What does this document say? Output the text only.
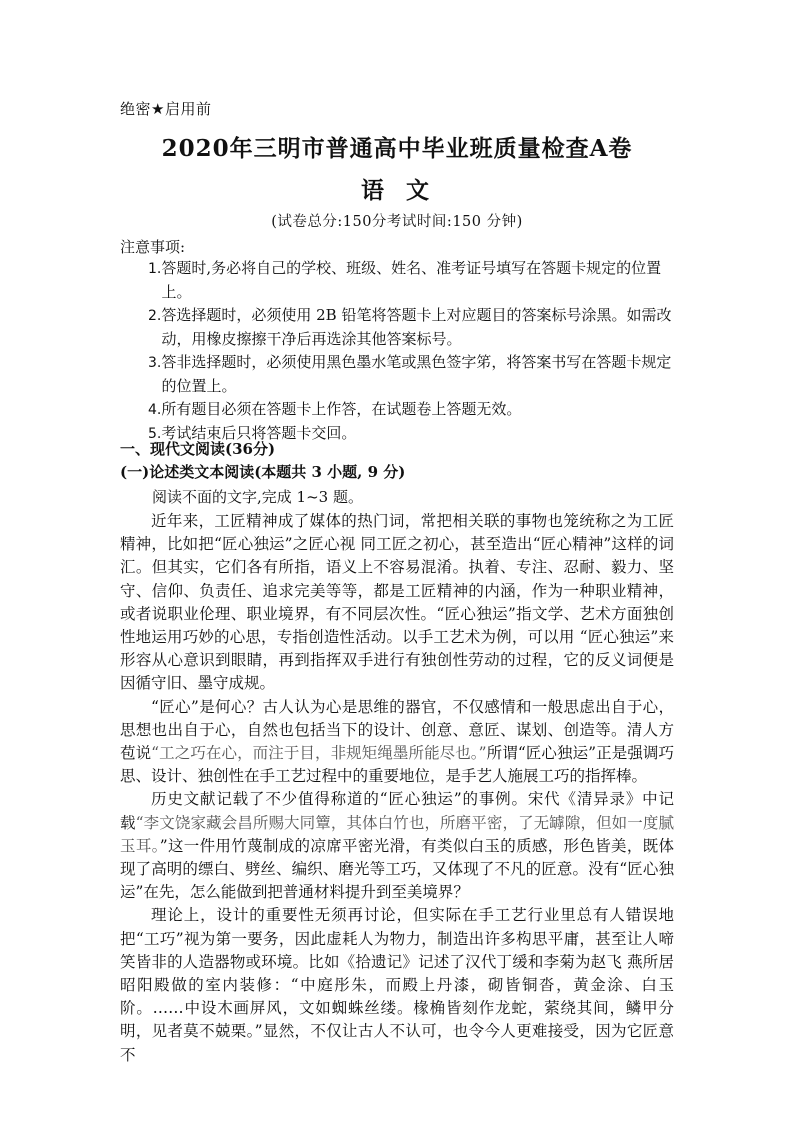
绝密★启用前
2020年三明市普通高中毕业班质量检查A卷
语文
(试卷总分:150分考试时间:150 分钟)
注意事项:
1.答题时,务必将自己的学校、班级、姓名、准考证号填写在答题卡规定的位置上。
2.答选择题时，必须使用 2B 铅笔将答题卡上对应题目的答案标号涂黑。如需改动，用橡皮擦擦干净后再选涂其他答案标号。
3.答非选择题时，必须使用黑色墨水笔或黑色签字笫，将答案书写在答题卡规定的位置上。
4.所有题目必须在答题卡上作答，在试题卷上答题无效。
5.考试结束后只将答题卡交回。
一、现代文阅读(36分)
(一)论述类文本阅读(本题共 3 小题, 9 分)
阅读不面的文字,完成 1~3 题。

近年来，工匠精神成了媒体的热门词，常把相关联的事物也笼统称之为工匠精神，比如把“匠心独运”之匠心视 同工匠之初心，甚至造出“匠心精神”这样的词汇。但其实，它们各有所指，语义上不容易混淆。执着、专注、忍耐、毅力、坚守、信仰、负责任、追求完美等等，都是工匠精神的内涵，作为一种职业精神，或者说职业伦理、职业境界，有不同层次性。“匠心独运”指文学、艺术方面独创性地运用巧妙的心思，专指创造性活动。以手工艺术为例，可以用 “匠心独运”来形容从心意识到眼睛，再到指挥双手进行有独创性劳动的过程，它的反义词便是因循守旧、墨守成规。

“匠心”是何心？古人认为心是思维的器官，不仅感情和一般思虑出自于心，思想也出自于心，自然也包括当下的设计、创意、意匠、谋划、创造等。清人方苞说“工之巧在心，而注于目，非规矩绳墨所能尽也。”所谓“匠心独运”正是强调巧思、设计、独创性在手工艺过程中的重要地位，是手艺人施展工巧的指挥棒。

历史文献记载了不少值得称道的“匠心独运”的事例。宋代《清异录》中记载“李文饶家藏会昌所赐大同簟，其体白竹也，所磨平密，了无罅隙，但如一度腻玉耳。”这一件用竹蔑制成的凉席平密光滑，有类似白玉的质感，形色皆美，既体现了高明的缥白、劈丝、编织、磨光等工巧，又体现了不凡的匠意。没有“匠心独运”在先，怎么能做到把普通材料提升到至美境界？

理论上，设计的重要性无须再讨论，但实际在手工艺行业里总有人错误地把“工巧”视为第一要务，因此虚耗人为物力，制造出许多构思平庸，甚至让人啼笑皆非的人造器物或环境。比如《拾遗记》记述了汉代丁缓和李菊为赵飞 燕所居昭阳殿做的室内装修：“中庭彤朱，而殿上丹漆，砌皆铜沓，黄金涂、白玉阶。……中设木画屏风，文如蜘蛛丝缕。椽桷皆刻作龙蛇，萦绕其间，鳞甲分明，见者莫不兢栗。”显然，不仅让古人不认可，也令今人更难接受，因为它匠意不
